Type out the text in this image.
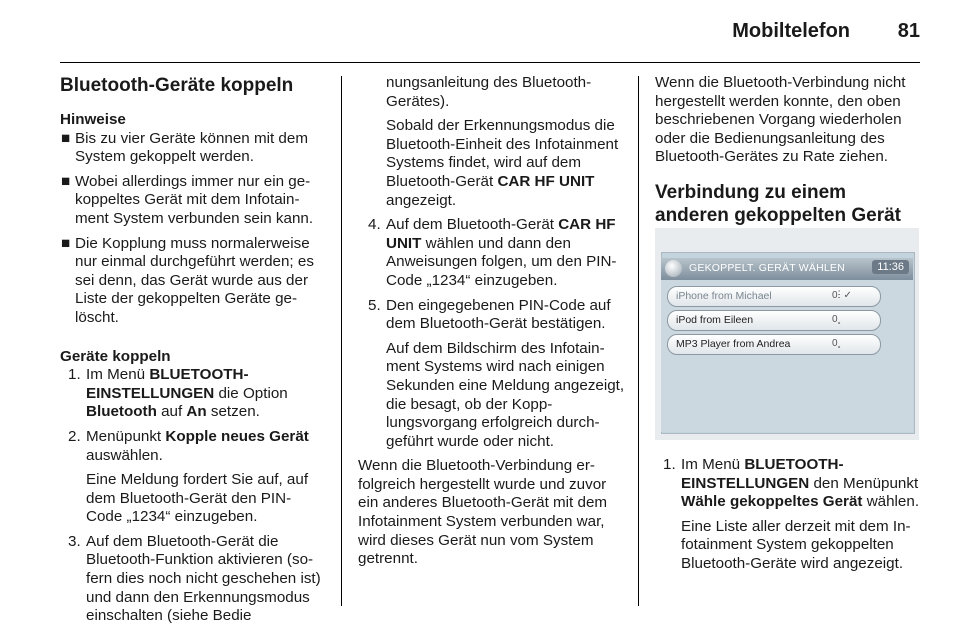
Mobiltelefon 81
Bluetooth-Geräte koppeln
Hinweise
■ Bis zu vier Geräte können mit dem System gekoppelt werden.
■ Wobei allerdings immer nur ein gekoppeltes Gerät mit dem Infotainment System verbunden sein kann.
■ Die Kopplung muss normalerweise nur einmal durchgeführt werden; es sei denn, das Gerät wurde aus der Liste der gekoppelten Geräte gelöscht.
Geräte koppeln
1. Im Menü BLUETOOTH-EINSTELLUNGEN die Option Bluetooth auf An setzen.
2. Menüpunkt Kopple neues Gerät auswählen.
Eine Meldung fordert Sie auf, auf dem Bluetooth-Gerät den PIN-Code „1234“ einzugeben.
3. Auf dem Bluetooth-Gerät die Bluetooth-Funktion aktivieren (sofern dies noch nicht geschehen ist) und dann den Erkennungsmodus einschalten (siehe Bedie
nungsanleitung des Bluetooth-Gerätes).
Sobald der Erkennungsmodus die Bluetooth-Einheit des Infotainment Systems findet, wird auf dem Bluetooth-Gerät CAR HF UNIT angezeigt.
4. Auf dem Bluetooth-Gerät CAR HF UNIT wählen und dann den Anweisungen folgen, um den PIN-Code „1234“ einzugeben.
5. Den eingegebenen PIN-Code auf dem Bluetooth-Gerät bestätigen.
Auf dem Bildschirm des Infotainment Systems wird nach einigen Sekunden eine Meldung angezeigt, die besagt, ob der Kopplungsvorgang erfolgreich durchgeführt wurde oder nicht.
Wenn die Bluetooth-Verbindung erfolgreich hergestellt wurde und zuvor ein anderes Bluetooth-Gerät mit dem Infotainment System verbunden war, wird dieses Gerät nun vom System getrennt.
Wenn die Bluetooth-Verbindung nicht hergestellt werden konnte, den oben beschriebenen Vorgang wiederholen oder die Bedienungsanleitung des Bluetooth-Gerätes zu Rate ziehen.
Verbindung zu einem anderen gekoppelten Gerät
GEKOPPELT. GERÄT WÄHLEN	11:36
iPhone from Michael	0ⵗ ✓
iPod from Eileen	0˳
MP3 Player from Andrea	0˳
1. Im Menü BLUETOOTH-EINSTELLUNGEN den Menüpunkt Wähle gekoppeltes Gerät wählen.
Eine Liste aller derzeit mit dem Infotainment System gekoppelten Bluetooth-Geräte wird angezeigt.
